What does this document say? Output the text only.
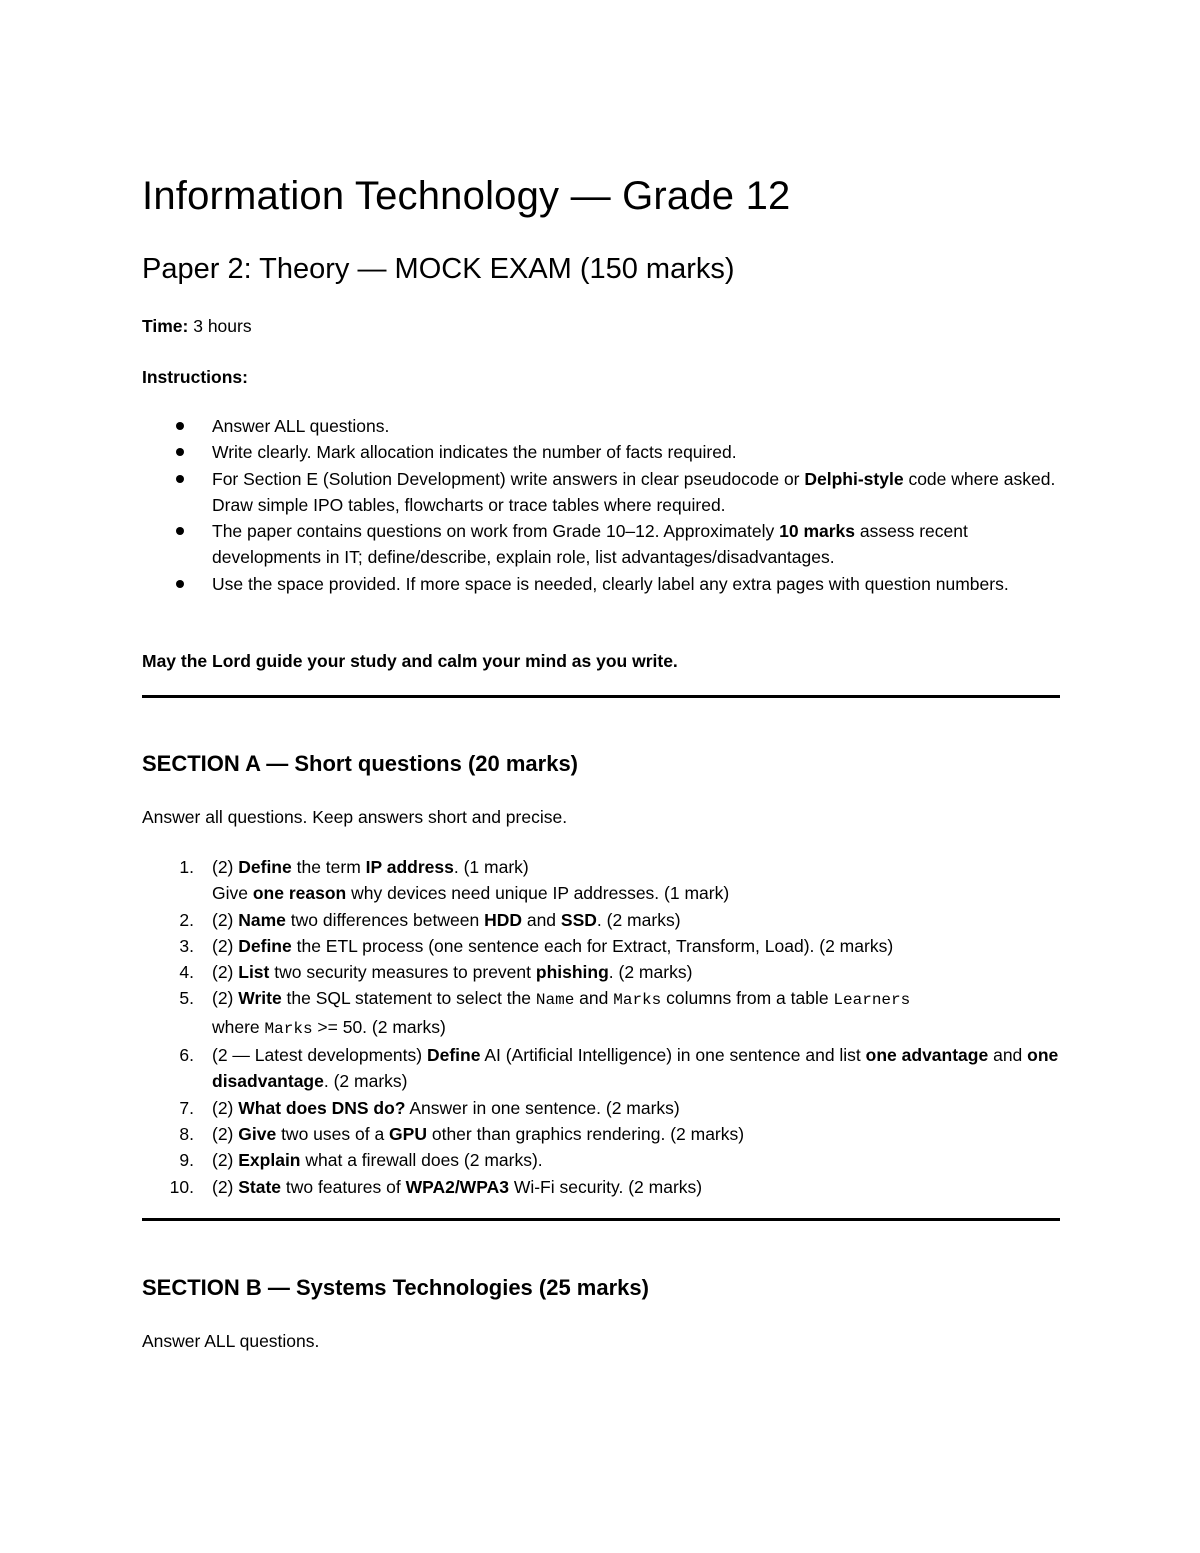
Information Technology — Grade 12
Paper 2: Theory — MOCK EXAM (150 marks)
Time: 3 hours
Instructions:
Answer ALL questions.
Write clearly. Mark allocation indicates the number of facts required.
For Section E (Solution Development) write answers in clear pseudocode or Delphi-style code where asked. Draw simple IPO tables, flowcharts or trace tables where required.
The paper contains questions on work from Grade 10–12. Approximately 10 marks assess recent developments in IT; define/describe, explain role, list advantages/disadvantages.
Use the space provided. If more space is needed, clearly label any extra pages with question numbers.
May the Lord guide your study and calm your mind as you write.
SECTION A — Short questions (20 marks)
Answer all questions. Keep answers short and precise.
1. (2) Define the term IP address. (1 mark)
Give one reason why devices need unique IP addresses. (1 mark)
2. (2) Name two differences between HDD and SSD. (2 marks)
3. (2) Define the ETL process (one sentence each for Extract, Transform, Load). (2 marks)
4. (2) List two security measures to prevent phishing. (2 marks)
5. (2) Write the SQL statement to select the Name and Marks columns from a table Learners
where Marks >= 50. (2 marks)
6. (2 — Latest developments) Define AI (Artificial Intelligence) in one sentence and list one advantage and one disadvantage. (2 marks)
7. (2) What does DNS do? Answer in one sentence. (2 marks)
8. (2) Give two uses of a GPU other than graphics rendering. (2 marks)
9. (2) Explain what a firewall does (2 marks).
10. (2) State two features of WPA2/WPA3 Wi-Fi security. (2 marks)
SECTION B — Systems Technologies (25 marks)
Answer ALL questions.
